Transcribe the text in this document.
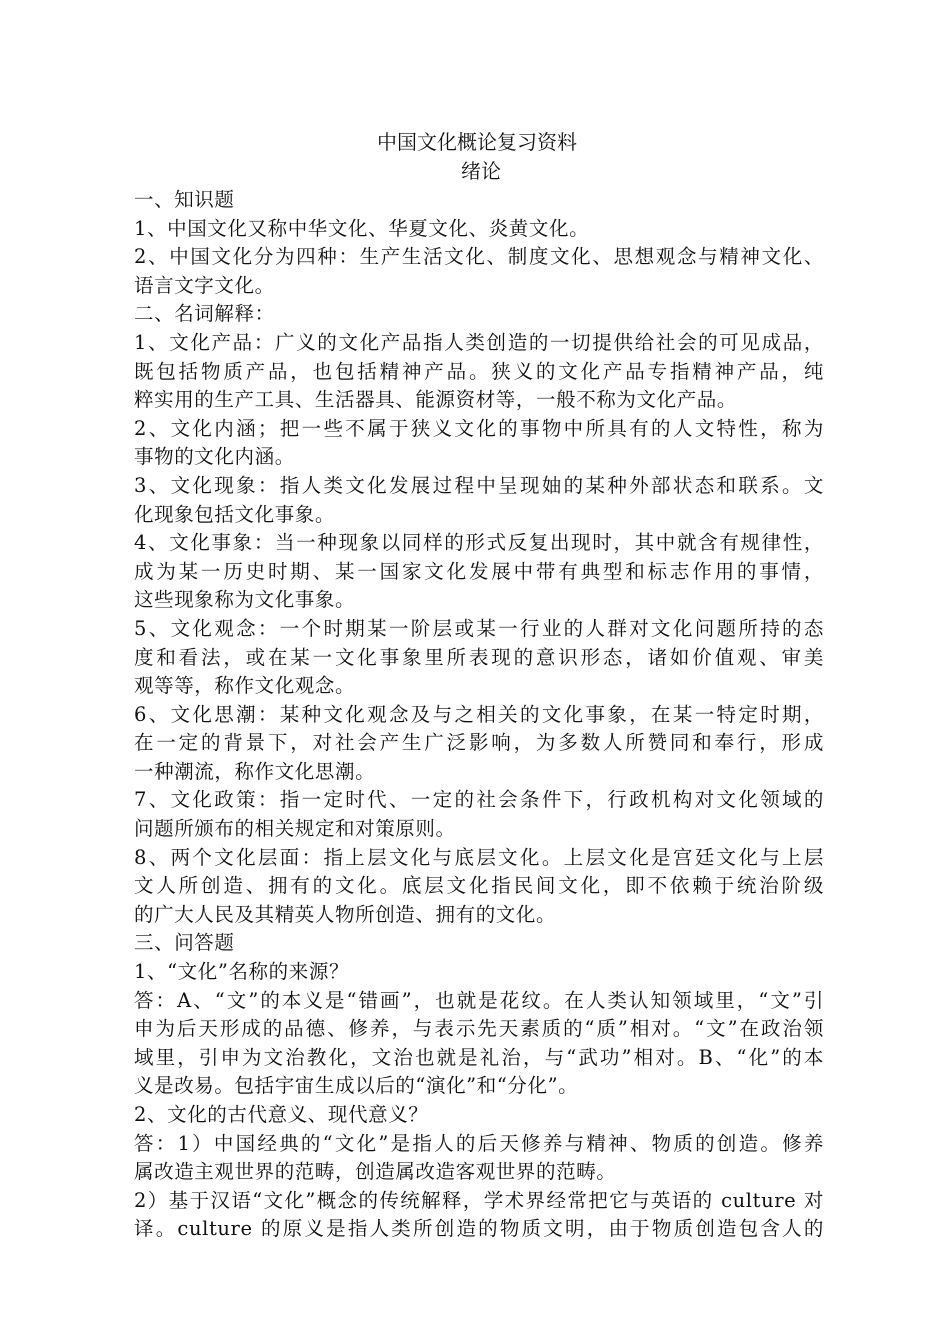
中国文化概论复习资料
绪论

一、知识题

1、中国文化又称中华文化、华夏文化、炎黄文化。

2、中国文化分为四种：生产生活文化、制度文化、思想观念与精神文化、

语言文字文化。

二、名词解释：

1、文化产品：广义的文化产品指人类创造的一切提供给社会的可见成品，

既包括物质产品，也包括精神产品。狭义的文化产品专指精神产品，纯

粹实用的生产工具、生活器具、能源资材等，一般不称为文化产品。

2、文化内涵；把一些不属于狭义文化的事物中所具有的人文特性，称为

事物的文化内涵。

3、文化现象：指人类文化发展过程中呈现妯的某种外部状态和联系。文

化现象包括文化事象。

4、文化事象：当一种现象以同样的形式反复出现时，其中就含有规律性，

成为某一历史时期、某一国家文化发展中带有典型和标志作用的事情，

这些现象称为文化事象。

5、文化观念：一个时期某一阶层或某一行业的人群对文化问题所持的态

度和看法，或在某一文化事象里所表现的意识形态，诸如价值观、审美

观等等，称作文化观念。

6、文化思潮：某种文化观念及与之相关的文化事象，在某一特定时期，

在一定的背景下，对社会产生广泛影响，为多数人所赞同和奉行，形成

一种潮流，称作文化思潮。

7、文化政策：指一定时代、一定的社会条件下，行政机构对文化领域的

问题所颁布的相关规定和对策原则。

8、两个文化层面：指上层文化与底层文化。上层文化是宫廷文化与上层

文人所创造、拥有的文化。底层文化指民间文化，即不依赖于统治阶级

的广大人民及其精英人物所创造、拥有的文化。

三、问答题

1、“文化”名称的来源？

答：A、“文”的本义是“错画”，也就是花纹。在人类认知领域里，“文”引

申为后天形成的品德、修养，与表示先天素质的“质”相对。“文”在政治领

域里，引申为文治教化，文治也就是礼治，与“武功”相对。B、“化”的本

义是改易。包括宇宙生成以后的“演化”和“分化”。

2、文化的古代意义、现代意义？

答：1）中国经典的“文化”是指人的后天修养与精神、物质的创造。修养

属改造主观世界的范畴，创造属改造客观世界的范畴。

2）基于汉语“文化”概念的传统解释，学术界经常把它与英语的 culture 对

译。culture 的原义是指人类所创造的物质文明，由于物质创造包含人的
